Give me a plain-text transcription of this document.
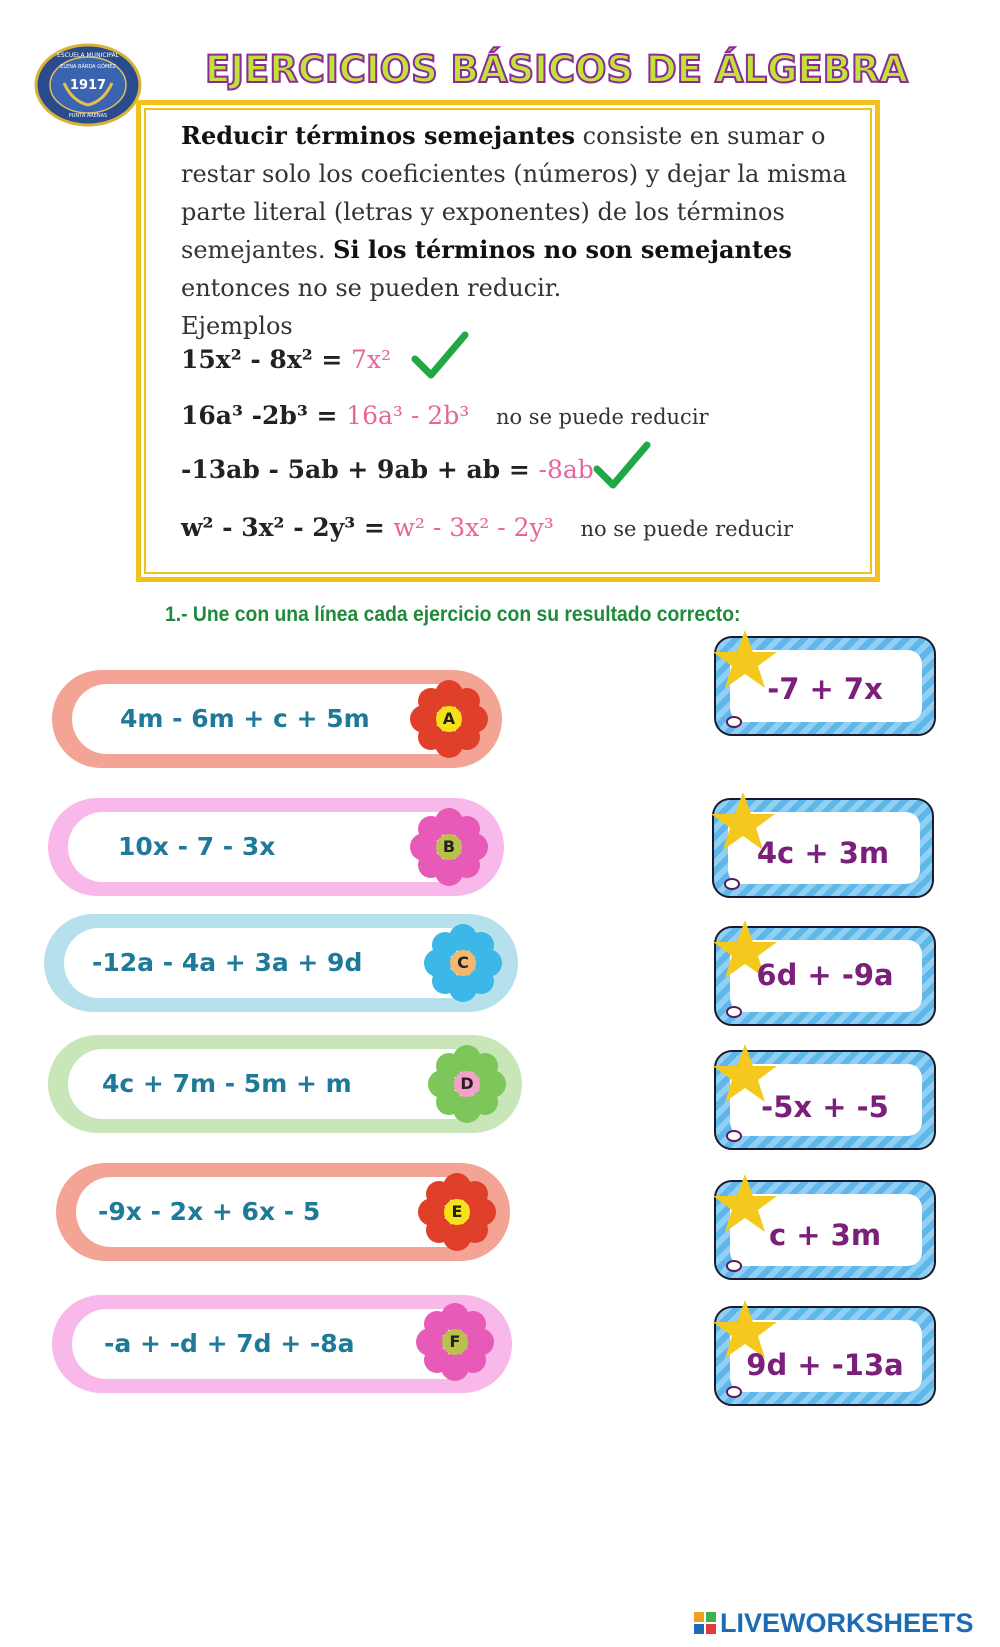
1917
ESCUELA MUNICIPAL
ELENA BÁRDA GÓMEZ
PUNTA ARENAS
EJERCICIOS BÁSICOS DE ÁLGEBRA
Reducir términos semejantes consiste en sumar o restar solo los coeficientes (números) y dejar la misma parte literal (letras y exponentes) de los términos semejantes. Si los términos no son semejantes entonces no se pueden reducir.
Ejemplos
15x² - 8x² = 7x²
16a³ -2b³ = 16a³ - 2b³ no se puede reducir
-13ab - 5ab + 9ab + ab = -8ab
w² - 3x² - 2y³ = w² - 3x² - 2y³ no se puede reducir
1.- Une con una línea cada ejercicio con su resultado correcto:
4m - 6m + c + 5m	A
10x - 7 - 3x	B
-12a - 4a + 3a + 9d	C
4c + 7m - 5m + m	D
-9x - 2x + 6x - 5	E
-a + -d + 7d + -8a	F
-7 + 7x
4c + 3m
6d + -9a
-5x + -5
c + 3m
9d + -13a
LIVEWORKSHEETS
